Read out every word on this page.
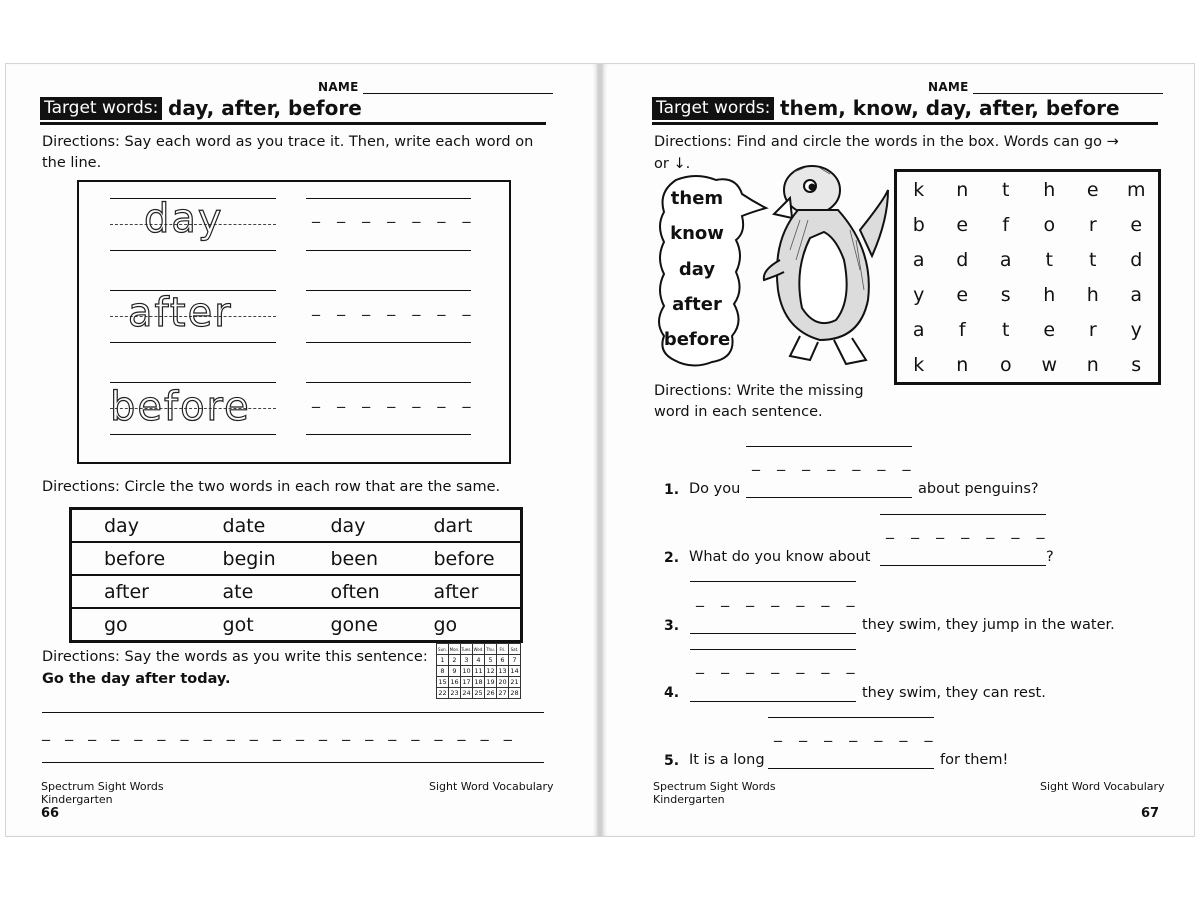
NAME
Target words: day, after, before
Directions: Say each word as you trace it. Then, write each word on the line.
day	_ _ _ _ _ _ _
after	_ _ _ _ _ _ _
before	_ _ _ _ _ _ _
Directions: Circle the two words in each row that are the same.
day	date	day	dart
before	begin	been	before
after	ate	often	after
go	got	gone	go
Directions: Say the words as you write this sentence:
Go the day after today.
Sun.	Mon.	Tues.	Wed.	Thu.	Fri.	Sat.
1	2	3	4	5	6	7
8	9	10	11	12	13	14
15	16	17	18	19	20	21
22	23	24	25	26	27	28
_ _ _ _ _ _ _ _ _ _ _ _ _ _ _ _ _ _ _ _ _
Spectrum Sight Words
Kindergarten
Sight Word Vocabulary
66
NAME
Target words: them, know, day, after, before
Directions: Find and circle the words in the box. Words can go →
or ↓.
them
know
day
after
before
k	n	t	h	e	m
b	e	f	o	r	e
a	d	a	t	t	d
y	e	s	h	h	a
a	f	t	e	r	y
k	n	o	w	n	s
Directions: Write the missing
word in each sentence.
_ _ _ _ _ _ _
1. Do you	about penguins?
_ _ _ _ _ _ _
2. What do you know about	?
_ _ _ _ _ _ _
3.	they swim, they jump in the water.
_ _ _ _ _ _ _
4.	they swim, they can rest.
_ _ _ _ _ _ _
5. It is a long	for them!
Spectrum Sight Words
Kindergarten
Sight Word Vocabulary
67
